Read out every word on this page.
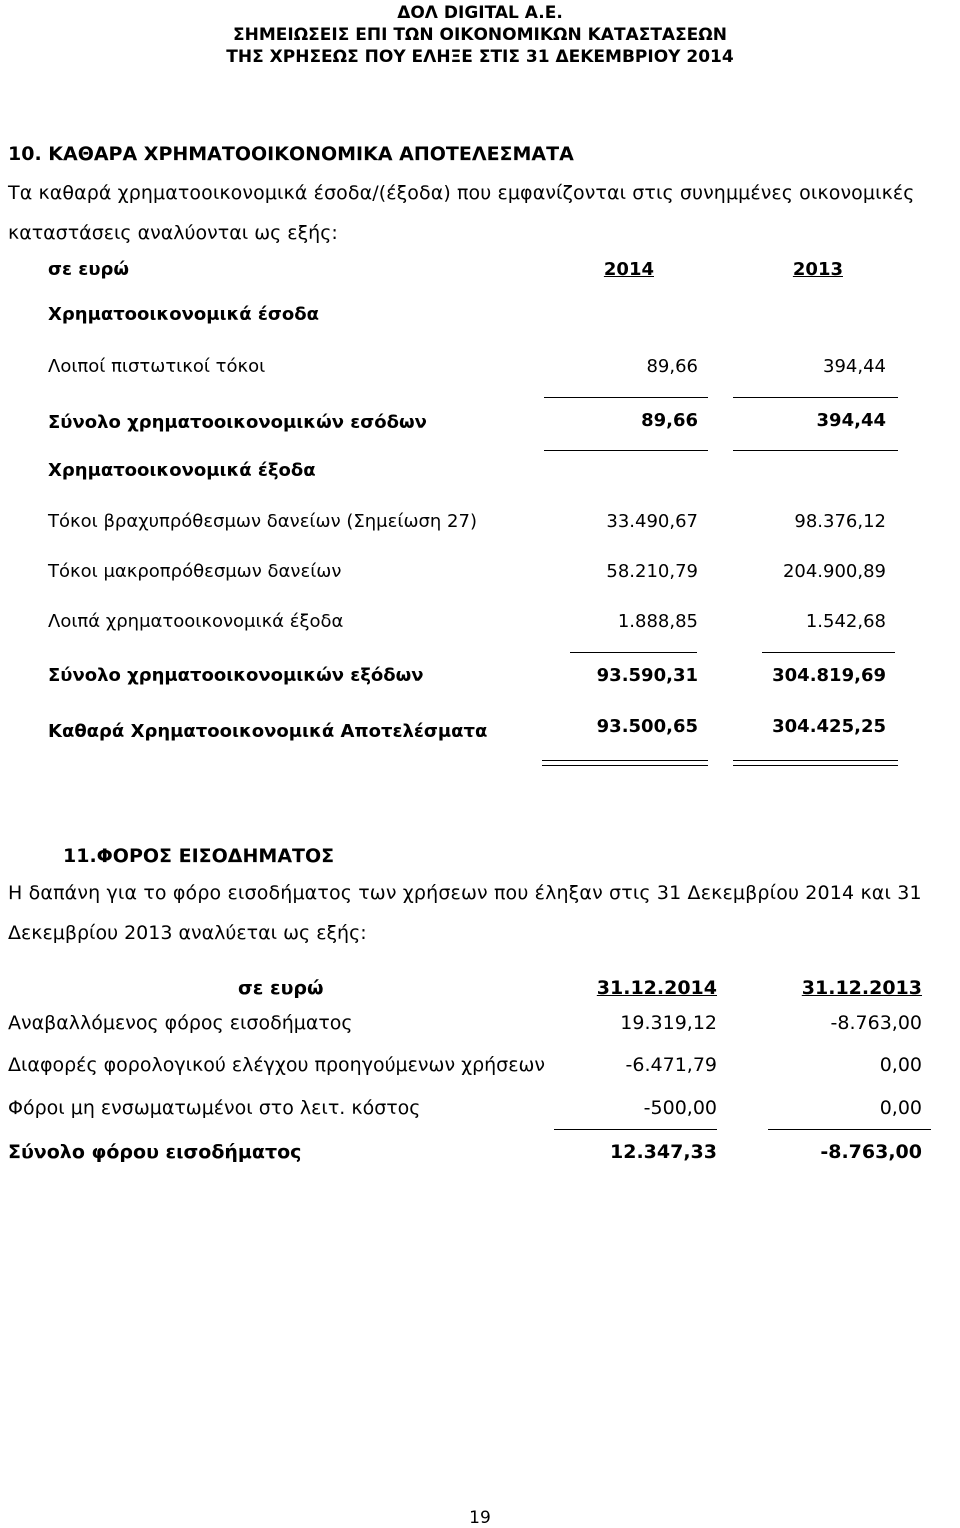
ΔΟΛ DIGITAL A.E.
ΣΗΜΕΙΩΣΕΙΣ ΕΠΙ ΤΩΝ ΟΙΚΟΝΟΜΙΚΩΝ ΚΑΤΑΣΤΑΣΕΩΝ
ΤΗΣ ΧΡΗΣΕΩΣ ΠΟΥ ΕΛΗΞΕ ΣΤΙΣ 31 ΔΕΚΕΜΒΡΙΟΥ 2014
10. ΚΑΘΑΡΑ ΧΡΗΜΑΤΟΟΙΚΟΝΟΜΙΚΑ ΑΠΟΤΕΛΕΣΜΑΤΑ
Τα καθαρά χρηματοοικονομικά έσοδα/(έξοδα) που εμφανίζονται στις συνημμένες οικονομικές
καταστάσεις αναλύονται ως εξής:
σε ευρώ	2014	2013
Χρηματοοικονομικά έσοδα
Λοιποί πιστωτικοί τόκοι	89,66	394,44
Σύνολο χρηματοοικονομικών εσόδων	89,66	394,44
Χρηματοοικονομικά έξοδα
Τόκοι βραχυπρόθεσμων δανείων (Σημείωση 27)	33.490,67	98.376,12
Τόκοι μακροπρόθεσμων δανείων	58.210,79	204.900,89
Λοιπά χρηματοοικονομικά έξοδα	1.888,85	1.542,68
Σύνολο χρηματοοικονομικών εξόδων	93.590,31	304.819,69
Καθαρά Χρηματοοικονομικά Αποτελέσματα	93.500,65	304.425,25
11.ΦΟΡΟΣ ΕΙΣΟΔΗΜΑΤΟΣ
Η δαπάνη για το φόρο εισοδήματος των χρήσεων που έληξαν στις 31 Δεκεμβρίου 2014 και 31
Δεκεμβρίου 2013 αναλύεται ως εξής:
σε ευρώ	31.12.2014	31.12.2013
Αναβαλλόμενος φόρος εισοδήματος	19.319,12	-8.763,00
Διαφορές φορολογικού ελέγχου προηγούμενων χρήσεων	-6.471,79	0,00
Φόροι μη ενσωματωμένοι στο λειτ. κόστος	-500,00	0,00
Σύνολο φόρου εισοδήματος	12.347,33	-8.763,00
19
